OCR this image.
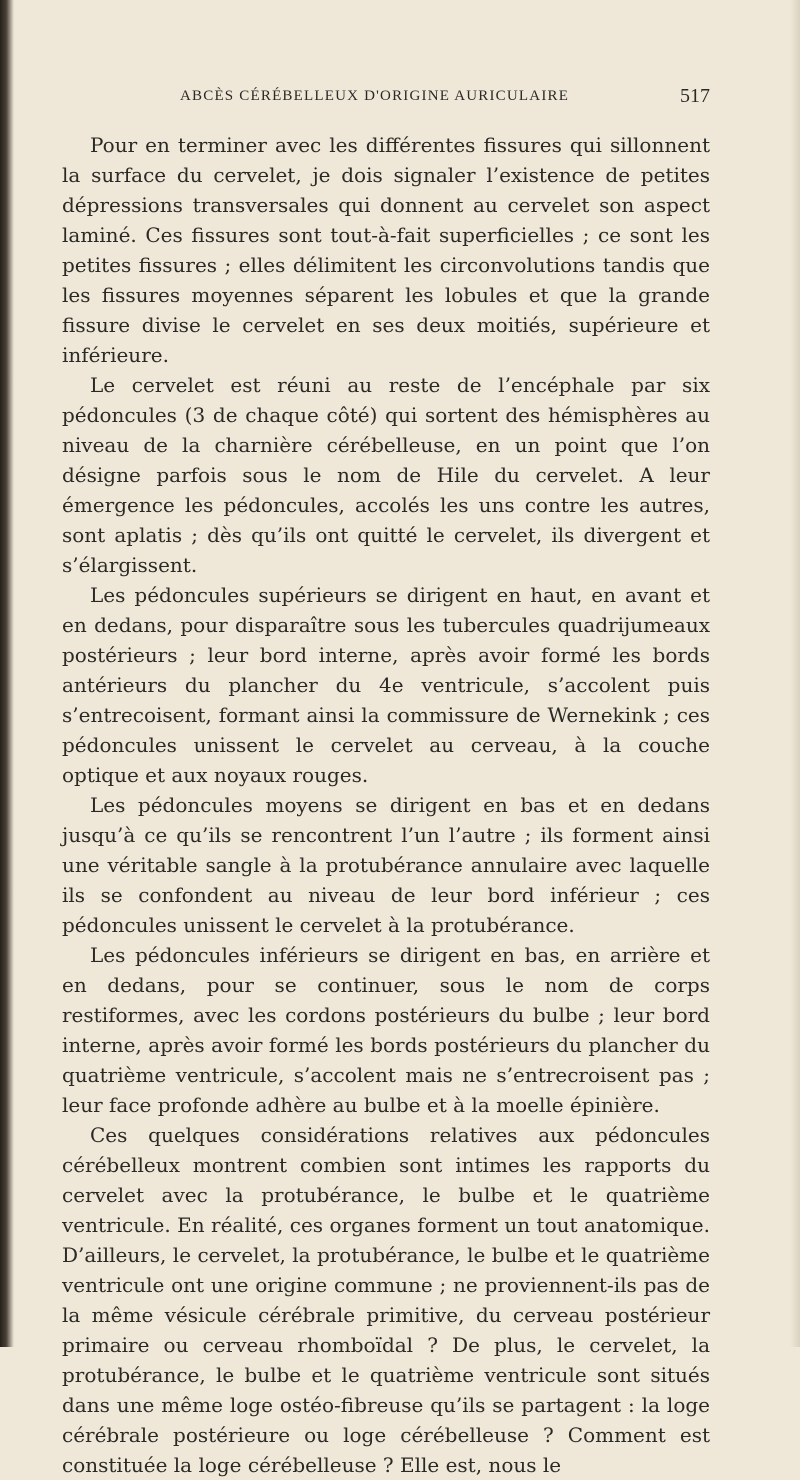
ABCÈS CÉRÉBELLEUX D'ORIGINE AURICULAIRE	517

Pour en terminer avec les différentes fissures qui sillonnent la surface du cervelet, je dois signaler l’existence de petites dépressions transversales qui donnent au cervelet son aspect laminé. Ces fissures sont tout-à-fait superficielles ; ce sont les petites fissures ; elles délimitent les circonvolutions tandis que les fissures moyennes séparent les lobules et que la grande fissure divise le cervelet en ses deux moitiés, supérieure et inférieure.

Le cervelet est réuni au reste de l’encéphale par six pédoncules (3 de chaque côté) qui sortent des hémisphères au niveau de la charnière cérébelleuse, en un point que l’on désigne parfois sous le nom de Hile du cervelet. A leur émergence les pédoncules, accolés les uns contre les autres, sont aplatis ; dès qu’ils ont quitté le cervelet, ils divergent et s’élargissent.

Les pédoncules supérieurs se dirigent en haut, en avant et en dedans, pour disparaître sous les tubercules quadrijumeaux postérieurs ; leur bord interne, après avoir formé les bords antérieurs du plancher du 4e ventricule, s’accolent puis s’entrecoisent, formant ainsi la commissure de Wernekink ; ces pédoncules unissent le cervelet au cerveau, à la couche optique et aux noyaux rouges.

Les pédoncules moyens se dirigent en bas et en dedans jusqu’à ce qu’ils se rencontrent l’un l’autre ; ils forment ainsi une véritable sangle à la protubérance annulaire avec laquelle ils se confondent au niveau de leur bord inférieur ; ces pédoncules unissent le cervelet à la protubérance.

Les pédoncules inférieurs se dirigent en bas, en arrière et en dedans, pour se continuer, sous le nom de corps restiformes, avec les cordons postérieurs du bulbe ; leur bord interne, après avoir formé les bords postérieurs du plancher du quatrième ventricule, s’accolent mais ne s’entrecroisent pas ; leur face profonde adhère au bulbe et à la moelle épinière.

Ces quelques considérations relatives aux pédoncules cérébelleux montrent combien sont intimes les rapports du cervelet avec la protubérance, le bulbe et le quatrième ventricule. En réalité, ces organes forment un tout anatomique. D’ailleurs, le cervelet, la protubérance, le bulbe et le quatrième ventricule ont une origine commune ; ne proviennent-ils pas de la même vésicule cérébrale primitive, du cerveau postérieur primaire ou cerveau rhomboïdal ? De plus, le cervelet, la protubérance, le bulbe et le quatrième ventricule sont situés dans une même loge ostéo-fibreuse qu’ils se partagent : la loge cérébrale postérieure ou loge cérébelleuse ? Comment est constituée la loge cérébelleuse ? Elle est, nous le
